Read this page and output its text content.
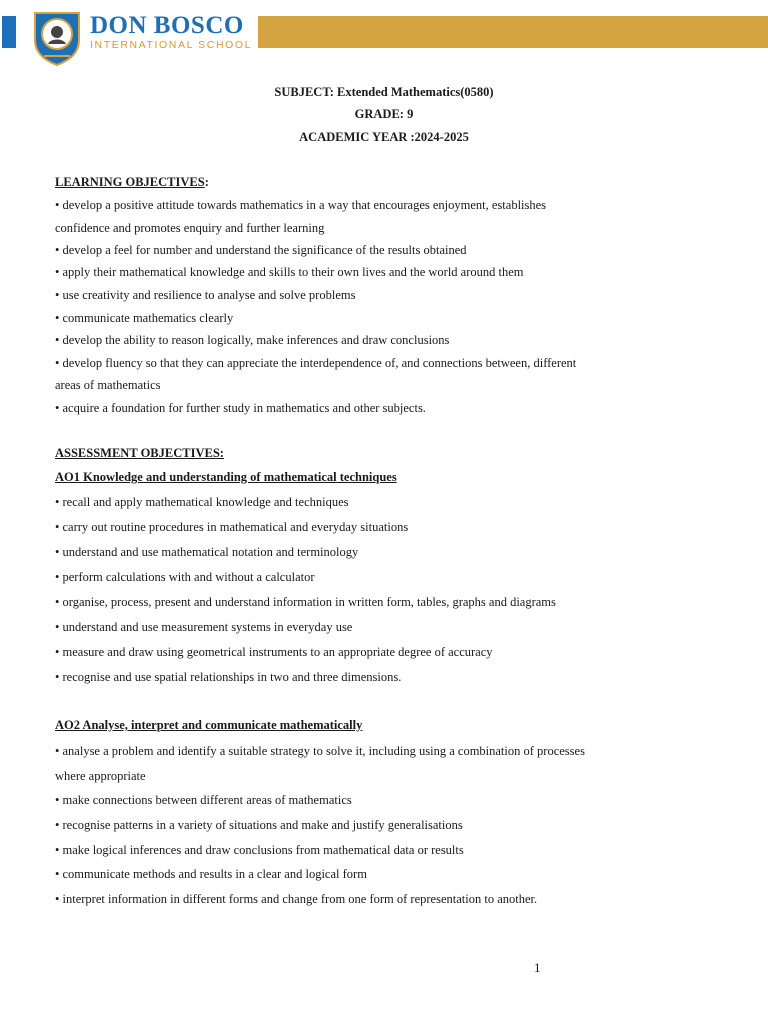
DON BOSCO
INTERNATIONAL SCHOOL
SUBJECT: Extended Mathematics(0580)
GRADE: 9
ACADEMIC YEAR :2024-2025
LEARNING OBJECTIVES:
• develop a positive attitude towards mathematics in a way that encourages enjoyment, establishes
confidence and promotes enquiry and further learning
• develop a feel for number and understand the significance of the results obtained
• apply their mathematical knowledge and skills to their own lives and the world around them
• use creativity and resilience to analyse and solve problems
• communicate mathematics clearly
• develop the ability to reason logically, make inferences and draw conclusions
• develop fluency so that they can appreciate the interdependence of, and connections between, different
areas of mathematics
• acquire a foundation for further study in mathematics and other subjects.
ASSESSMENT OBJECTIVES:
AO1 Knowledge and understanding of mathematical techniques
• recall and apply mathematical knowledge and techniques
• carry out routine procedures in mathematical and everyday situations
• understand and use mathematical notation and terminology
• perform calculations with and without a calculator
• organise, process, present and understand information in written form, tables, graphs and diagrams
• understand and use measurement systems in everyday use
• measure and draw using geometrical instruments to an appropriate degree of accuracy
• recognise and use spatial relationships in two and three dimensions.
AO2 Analyse, interpret and communicate mathematically
• analyse a problem and identify a suitable strategy to solve it, including using a combination of processes
where appropriate
• make connections between different areas of mathematics
• recognise patterns in a variety of situations and make and justify generalisations
• make logical inferences and draw conclusions from mathematical data or results
• communicate methods and results in a clear and logical form
• interpret information in different forms and change from one form of representation to another.
1
